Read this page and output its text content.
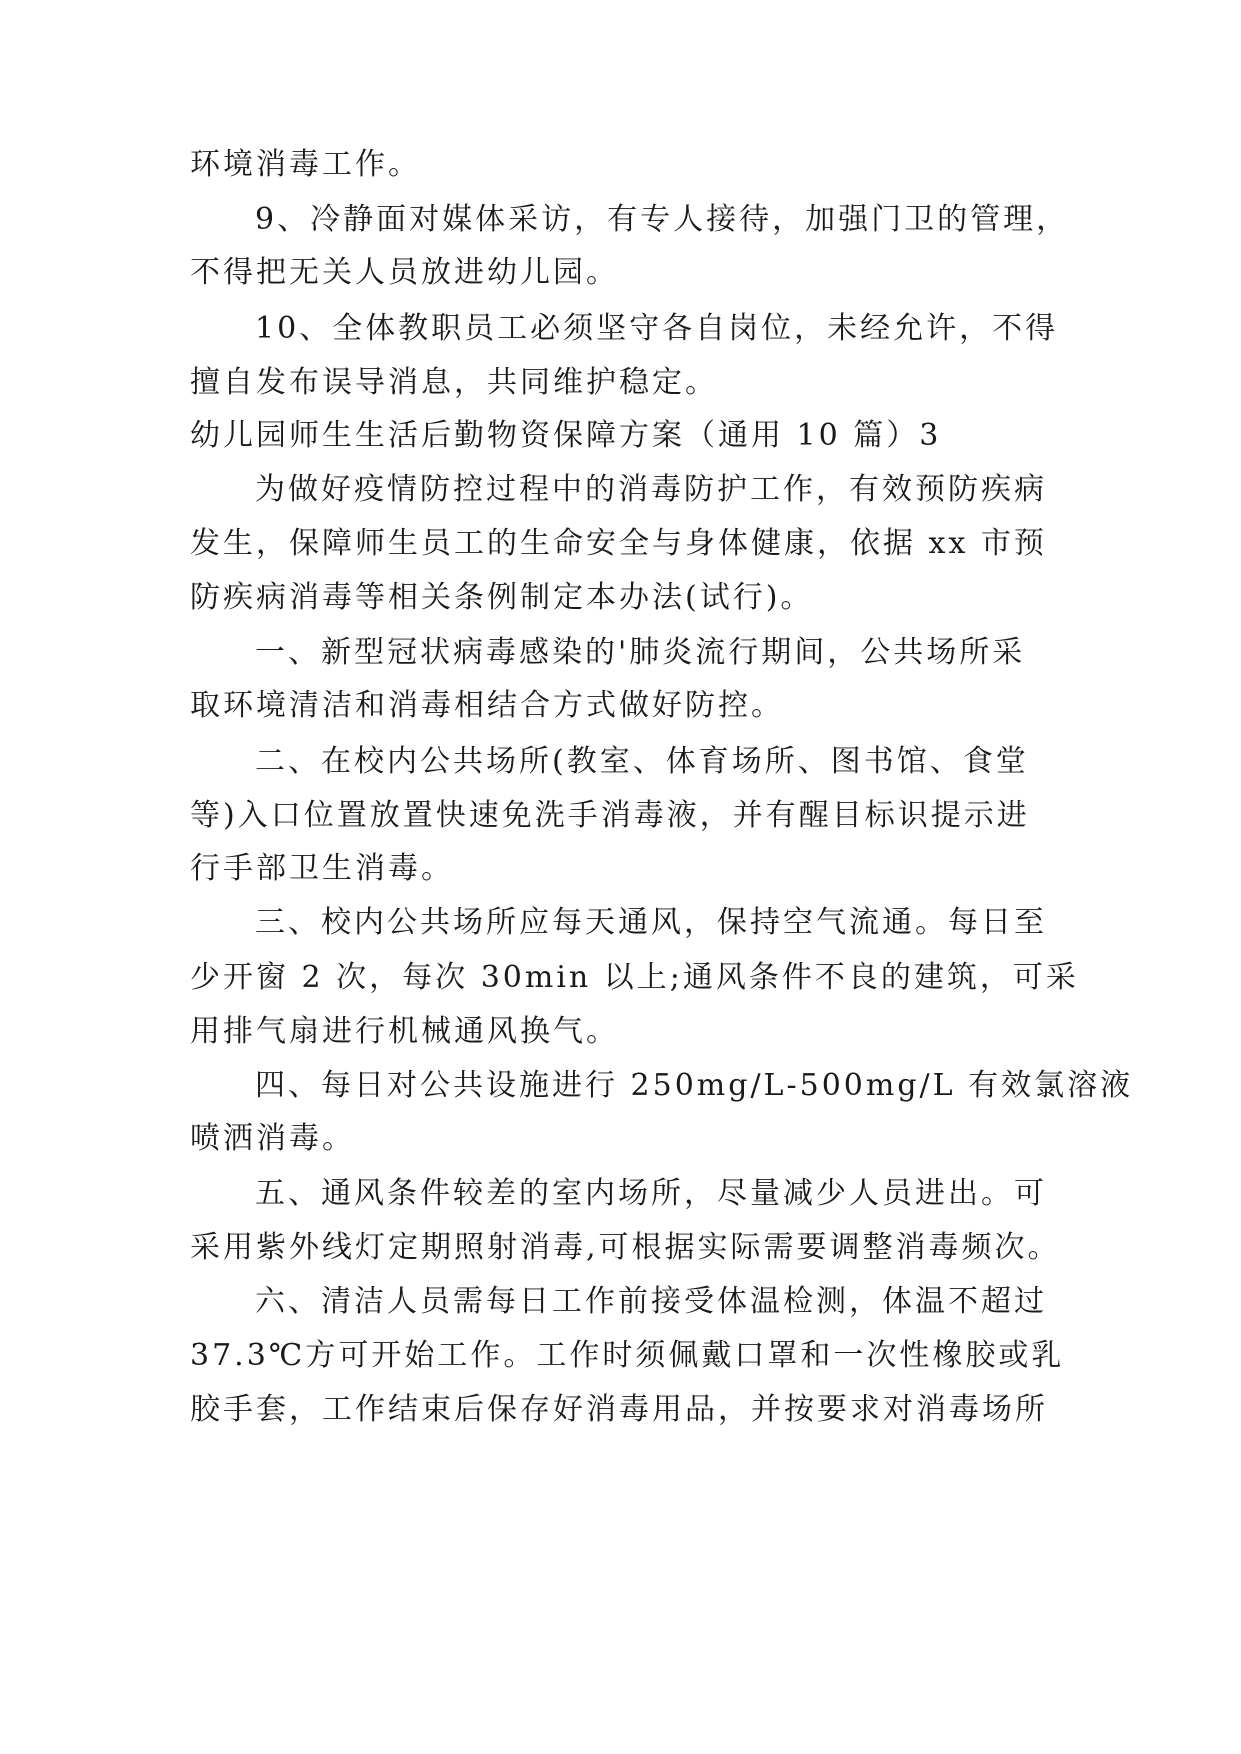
环境消毒工作。
9、冷静面对媒体采访，有专人接待，加强门卫的管理，
不得把无关人员放进幼儿园。
10、全体教职员工必须坚守各自岗位，未经允许，不得
擅自发布误导消息，共同维护稳定。
幼儿园师生生活后勤物资保障方案（通用 10 篇）3
为做好疫情防控过程中的消毒防护工作，有效预防疾病
发生，保障师生员工的生命安全与身体健康，依据 xx 市预
防疾病消毒等相关条例制定本办法(试行)。
一、新型冠状病毒感染的'肺炎流行期间，公共场所采
取环境清洁和消毒相结合方式做好防控。
二、在校内公共场所(教室、体育场所、图书馆、食堂
等)入口位置放置快速免洗手消毒液，并有醒目标识提示进
行手部卫生消毒。
三、校内公共场所应每天通风，保持空气流通。每日至
少开窗 2 次，每次 30min 以上;通风条件不良的建筑，可采
用排气扇进行机械通风换气。
四、每日对公共设施进行 250mg/L-500mg/L 有效氯溶液
喷洒消毒。
五、通风条件较差的室内场所，尽量减少人员进出。可
采用紫外线灯定期照射消毒,可根据实际需要调整消毒频次。
六、清洁人员需每日工作前接受体温检测，体温不超过
37.3℃方可开始工作。工作时须佩戴口罩和一次性橡胶或乳
胶手套，工作结束后保存好消毒用品，并按要求对消毒场所
